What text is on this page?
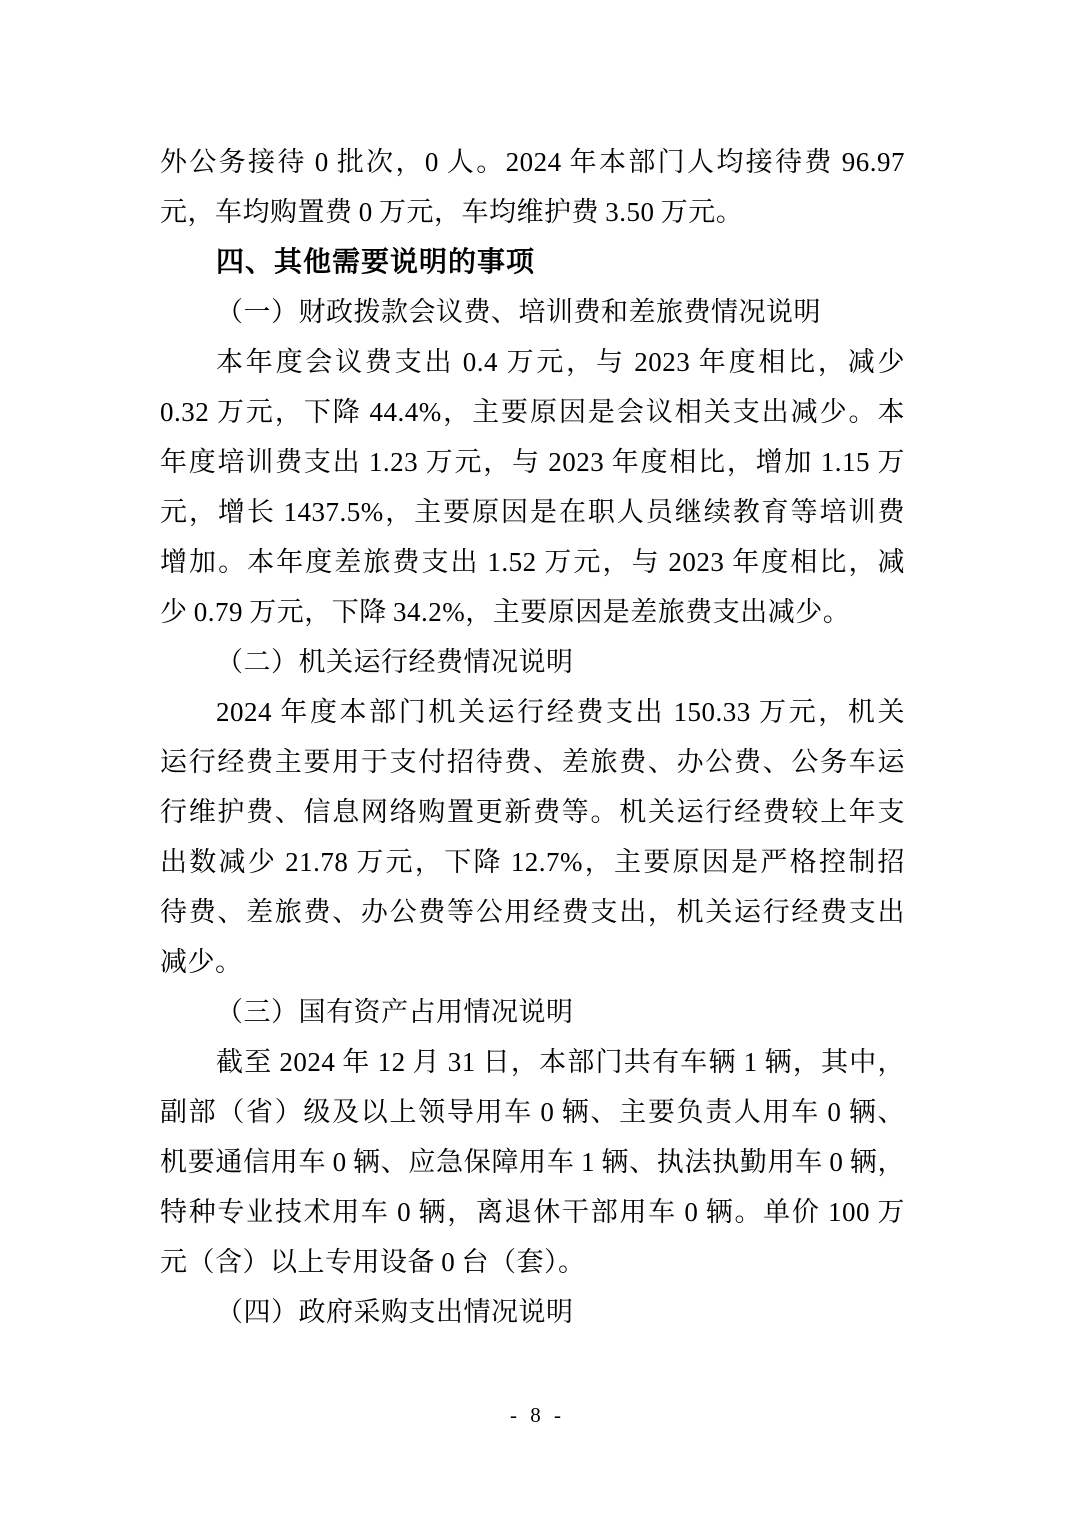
外公务接待 0 批次，0 人。2024 年本部门人均接待费 96.97
元，车均购置费 0 万元，车均维护费 3.50 万元。
四、其他需要说明的事项
（一）财政拨款会议费、培训费和差旅费情况说明
本年度会议费支出 0.4 万元，与 2023 年度相比，减少
0.32 万元，下降 44.4%，主要原因是会议相关支出减少。本
年度培训费支出 1.23 万元，与 2023 年度相比，增加 1.15 万
元，增长 1437.5%，主要原因是在职人员继续教育等培训费
增加。本年度差旅费支出 1.52 万元，与 2023 年度相比，减
少 0.79 万元，下降 34.2%，主要原因是差旅费支出减少。
（二）机关运行经费情况说明
2024 年度本部门机关运行经费支出 150.33 万元，机关
运行经费主要用于支付招待费、差旅费、办公费、公务车运
行维护费、信息网络购置更新费等。机关运行经费较上年支
出数减少 21.78 万元，下降 12.7%，主要原因是严格控制招
待费、差旅费、办公费等公用经费支出，机关运行经费支出
减少。
（三）国有资产占用情况说明
截至 2024 年 12 月 31 日，本部门共有车辆 1 辆，其中，
副部（省）级及以上领导用车 0 辆、主要负责人用车 0 辆、
机要通信用车 0 辆、应急保障用车 1 辆、执法执勤用车 0 辆，
特种专业技术用车 0 辆，离退休干部用车 0 辆。单价 100 万
元（含）以上专用设备 0 台（套）。
（四）政府采购支出情况说明
- 8 -
